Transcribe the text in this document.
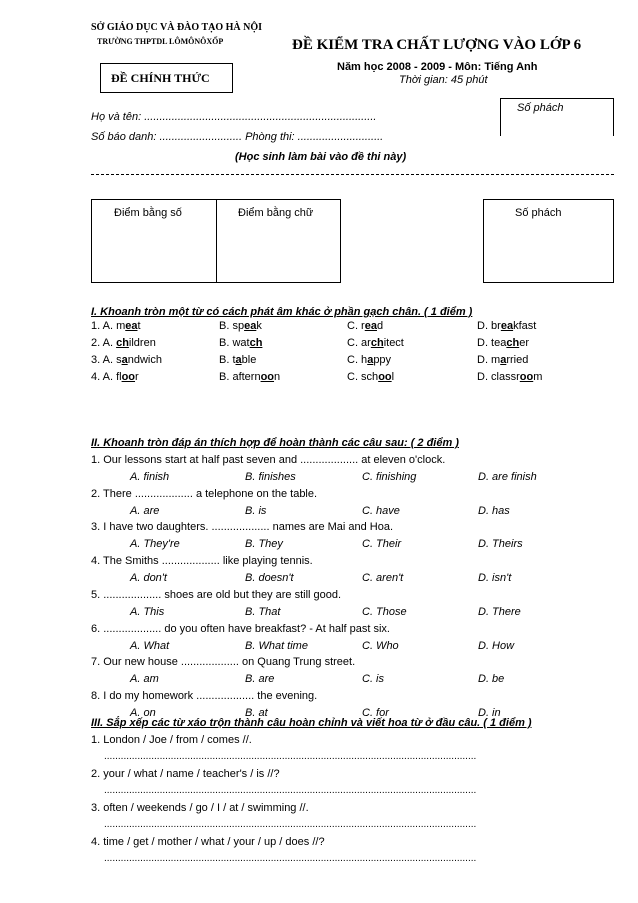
SỞ GIÁO DỤC VÀ ĐÀO TẠO HÀ NỘI
TRƯỜNG THPTDL LÔMÔNÔXỐP
ĐỀ CHÍNH THỨC
ĐỀ KIỂM TRA CHẤT LƯỢNG VÀO LỚP 6
Năm học 2008 - 2009 - Môn: Tiếng Anh
Thời gian: 45 phút
Họ và tên: ............................................................................
Số báo danh: ........................... Phòng thi: ............................
Số phách
(Học sinh làm bài vào đề thi này)
Điểm bằng số	Điểm bằng chữ	Số phách
I. Khoanh tròn một từ có cách phát âm khác ở phần gạch chân. ( 1 điểm )
1. A. meat	B. speak	C. read	D. breakfast
2. A. children	B. watch	C. architect	D. teacher
3. A. sandwich	B. table	C. happy	D. married
4. A. floor	B. afternoon	C. school	D. classroom
II. Khoanh tròn đáp án thích hợp để hoàn thành các câu sau: ( 2 điểm )
1. Our lessons start at half past seven and ................... at eleven o'clock.
A. finish	B. finishes	C. finishing	D. are finish
2. There ................... a telephone on the table.
A. are	B. is	C. have	D. has
3. I have two daughters. ................... names are Mai and Hoa.
A. They're	B. They	C. Their	D. Theirs
4. The Smiths ................... like playing tennis.
A. don't	B. doesn't	C. aren't	D. isn't
5. ................... shoes are old but they are still good.
A. This	B. That	C. Those	D. There
6. ................... do you often have breakfast? - At half past six.
A. What	B. What time	C. Who	D. How
7. Our new house ................... on Quang Trung street.
A. am	B. are	C. is	D. be
8. I do my homework ................... the evening.
A. on	B. at	C. for	D. in
III. Sắp xếp các từ xáo trộn thành câu hoàn chỉnh và viết hoa từ ở đầu câu. ( 1 điểm )
1. London / Joe / from / comes //.
......................................................................................................................................
2. your / what / name / teacher's / is //?
......................................................................................................................................
3. often / weekends / go / I / at / swimming //.
......................................................................................................................................
4. time / get / mother / what / your / up / does //?
......................................................................................................................................
